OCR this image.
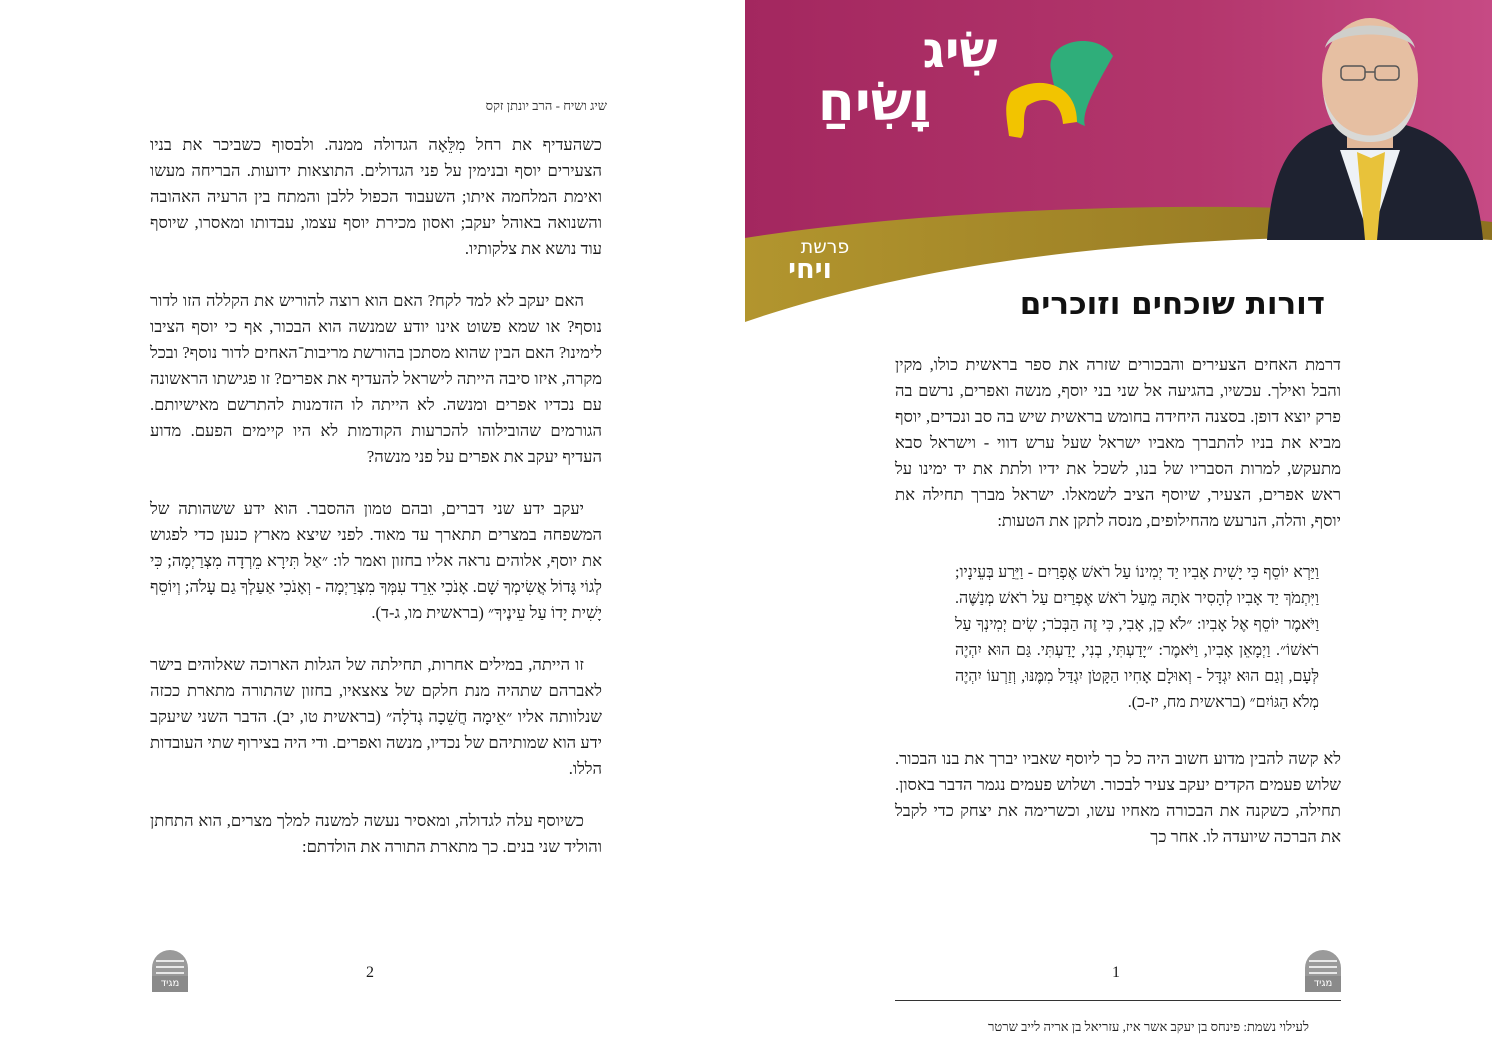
שיג ושיח - הרב יונתן זקס

כשהעדיף את רחל מִלֵּאָה הגדולה ממנה. ולבסוף כשביכר את בניו הצעירים יוסף ובנימין על פני הגדולים. התוצאות ידועות. הבריחה מעשו ואימת המלחמה איתו; השעבוד הכפול ללבן והמתח בין הרעיה האהובה והשנואה באוהל יעקב; ואסון מכירת יוסף עצמו, עבדותו ומאסרו, שיוסף עוד נושא את צלקותיו.

האם יעקב לא למד לקח? האם הוא רוצה להוריש את הקללה הזו לדור נוסף? או שמא פשוט אינו יודע שמנשה הוא הבכור, אף כי יוסף הציבו לימינו? האם הבין שהוא מסתכן בהורשת מריבות־האחים לדור נוסף? ובכל מקרה, איזו סיבה הייתה לישראל להעדיף את אפרים? זו פגישתו הראשונה עם נכדיו אפרים ומנשה. לא הייתה לו הזדמנות להתרשם מאישיותם. הגורמים שהובילוהו להכרעות הקודמות לא היו קיימים הפעם. מדוע העדיף יעקב את אפרים על פני מנשה?

יעקב ידע שני דברים, ובהם טמון ההסבר. הוא ידע ששהותה של המשפחה במצרים תתארך עד מאוד. לפני שיצא מארץ כנען כדי לפגוש את יוסף, אלוהים נראה אליו בחזון ואמר לו: ״אַל תִּירָא מֵרְדָה מִצְרַיְמָה; כִּי לְגוֹי גָּדוֹל אֲשִׂימְךָ שָׁם. אָנֹכִי אֵרֵד עִמְּךָ מִצְרַיְמָה - וְאָנֹכִי אַעַלְךָ גַם עָלֹה; וְיוֹסֵף יָשִׁית יָדוֹ עַל עֵינֶיךָ״ (בראשית מו, ג-ד).

זו הייתה, במילים אחרות, תחילתה של הגלות הארוכה שאלוהים בישר לאברהם שתהיה מנת חלקם של צאצאיו, בחזון שהתורה מתארת ככזה שנלוותה אליו ״אֵימָה חֲשֵׁכָה גְדֹלָה״ (בראשית טו, יב). הדבר השני שיעקב ידע הוא שמותיהם של נכדיו, מנשה ואפרים. ודי היה בצירוף שתי העובדות הללו.

כשיוסף עלה לגדולה, ומאסיר נעשה למשנה למלך מצרים, הוא התחתן והוליד שני בנים. כך מתארת התורה את הולדתם:

מגיד
2
שִׂיג
וָשִׂיחַ
פרשת
ויחי
דורות שוכחים וזוכרים

דרמת האחים הצעירים והבכורים שזרה את ספר בראשית כולו, מקין והבל ואילך. עכשיו, בהגיעה אל שני בני יוסף, מנשה ואפרים, נרשם בה פרק יוצא דופן. בסצנה היחידה בחומש בראשית שיש בה סב ונכדים, יוסף מביא את בניו להתברך מאביו ישראל שעל ערש דווי - וישראל סבא מתעקש, למרות הסבריו של בנו, לשכל את ידיו ולתת את יד ימינו על ראש אפרים, הצעיר, שיוסף הציב לשמאלו. ישראל מברך תחילה את יוסף, והלה, הנרעש מהחילופים, מנסה לתקן את הטעות:

וַיַּרְא יוֹסֵף כִּי יָשִׁית אָבִיו יַד יְמִינוֹ עַל רֹאשׁ אֶפְרַיִם - וַיֵּרַע בְּעֵינָיו; וַיִּתְמֹךְ יַד אָבִיו לְהָסִיר אֹתָהּ מֵעַל רֹאשׁ אֶפְרַיִם עַל רֹאשׁ מְנַשֶּׁה. וַיֹּאמֶר יוֹסֵף אֶל אָבִיו: ״לֹא כֵן, אָבִי, כִּי זֶה הַבְּכֹר; שִׂים יְמִינְךָ עַל רֹאשׁוֹ״. וַיְמָאֵן אָבִיו, וַיֹּאמֶר: ״יָדַעְתִּי, בְנִי, יָדַעְתִּי. גַּם הוּא יִהְיֶה לְּעָם, וְגַם הוּא יִגְדָּל - וְאוּלָם אָחִיו הַקָּטֹן יִגְדַּל מִמֶּנּוּ, וְזַרְעוֹ יִהְיֶה מְלֹא הַגּוֹיִם״ (בראשית מח, יז-כ).

לא קשה להבין מדוע חשוב היה כל כך ליוסף שאביו יברך את בנו הבכור. שלוש פעמים הקדים יעקב צעיר לבכור. ושלוש פעמים נגמר הדבר באסון. תחילה, כשקנה את הבכורה מאחיו עשו, וכשרימה את יצחק כדי לקבל את הברכה שיועדה לו. אחר כך

1
מגיד
לעילוי נשמת: פינחס בן יעקב אשר איז, עזריאל בן אריה לייב שרטר
